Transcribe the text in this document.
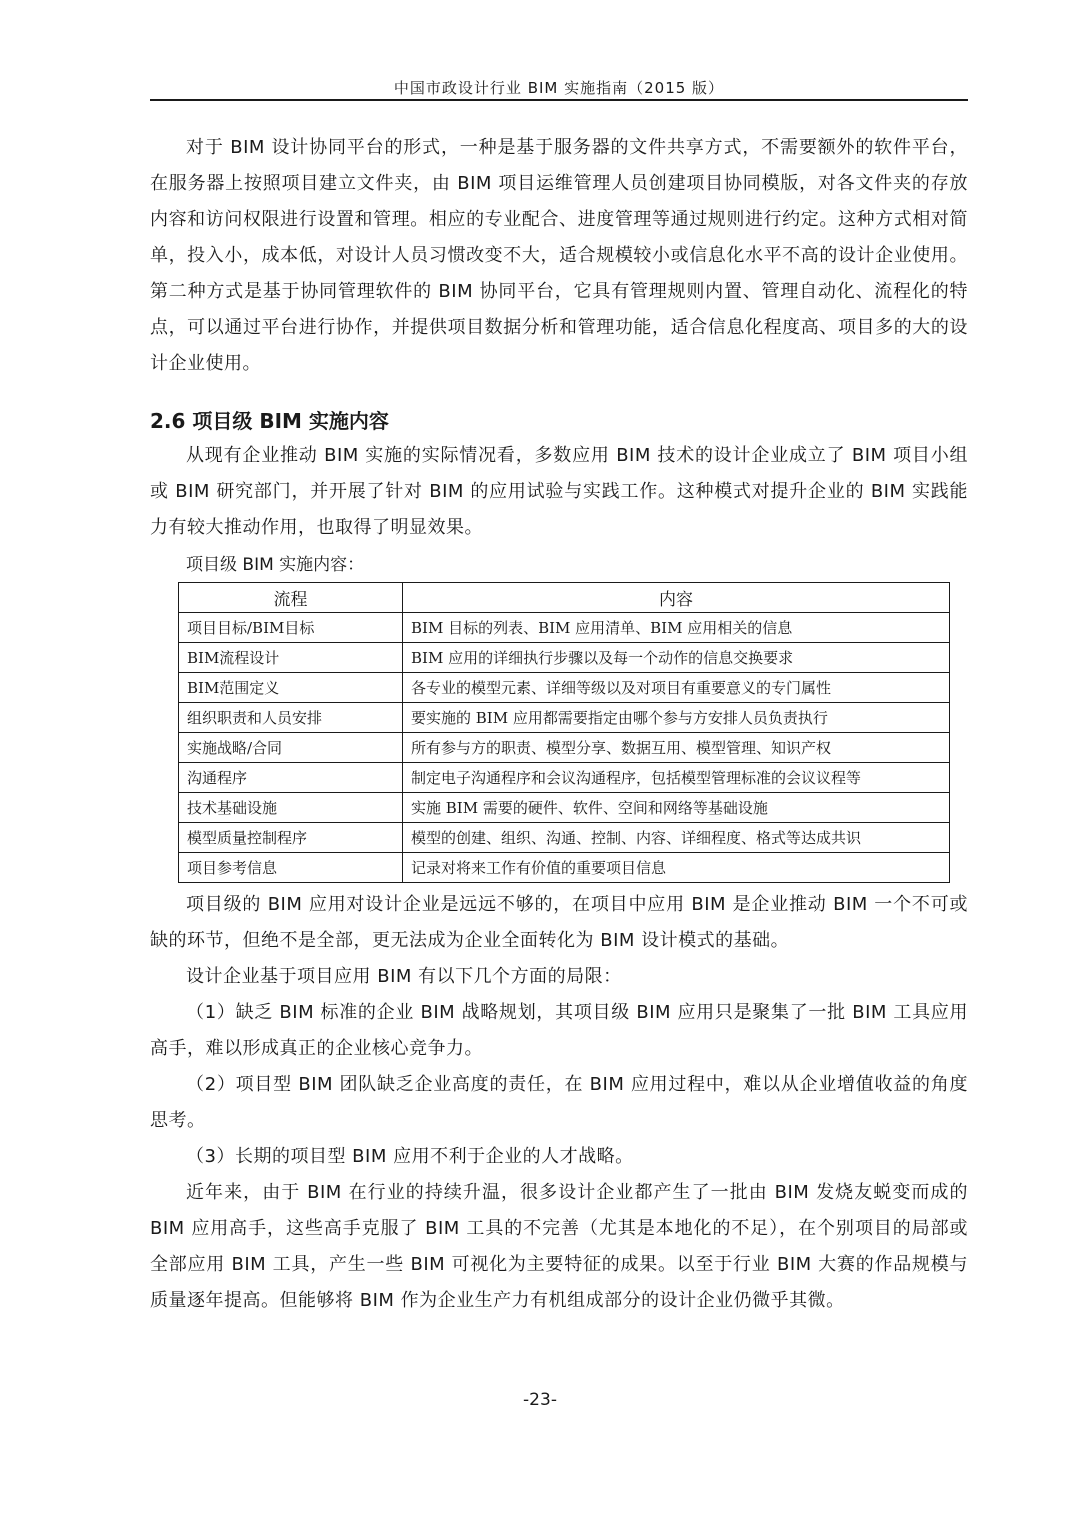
中国市政设计行业 BIM 实施指南（2015 版）

对于 BIM 设计协同平台的形式，一种是基于服务器的文件共享方式，不需要额外的软件平台，在服务器上按照项目建立文件夹，由 BIM 项目运维管理人员创建项目协同模版，对各文件夹的存放内容和访问权限进行设置和管理。相应的专业配合、进度管理等通过规则进行约定。这种方式相对简单，投入小，成本低，对设计人员习惯改变不大，适合规模较小或信息化水平不高的设计企业使用。第二种方式是基于协同管理软件的 BIM 协同平台，它具有管理规则内置、管理自动化、流程化的特点，可以通过平台进行协作，并提供项目数据分析和管理功能，适合信息化程度高、项目多的大的设计企业使用。

2.6 项目级 BIM 实施内容

从现有企业推动 BIM 实施的实际情况看，多数应用 BIM 技术的设计企业成立了 BIM 项目小组或 BIM 研究部门，并开展了针对 BIM 的应用试验与实践工作。这种模式对提升企业的 BIM 实践能力有较大推动作用，也取得了明显效果。

项目级 BIM 实施内容：

流程	内容
项目目标/BIM目标	BIM 目标的列表、BIM 应用清单、BIM 应用相关的信息
BIM流程设计	BIM 应用的详细执行步骤以及每一个动作的信息交换要求
BIM范围定义	各专业的模型元素、详细等级以及对项目有重要意义的专门属性
组织职责和人员安排	要实施的 BIM 应用都需要指定由哪个参与方安排人员负责执行
实施战略/合同	所有参与方的职责、模型分享、数据互用、模型管理、知识产权
沟通程序	制定电子沟通程序和会议沟通程序，包括模型管理标准的会议议程等
技术基础设施	实施 BIM 需要的硬件、软件、空间和网络等基础设施
模型质量控制程序	模型的创建、组织、沟通、控制、内容、详细程度、格式等达成共识
项目参考信息	记录对将来工作有价值的重要项目信息

项目级的 BIM 应用对设计企业是远远不够的，在项目中应用 BIM 是企业推动 BIM 一个不可或缺的环节，但绝不是全部，更无法成为企业全面转化为 BIM 设计模式的基础。

设计企业基于项目应用 BIM 有以下几个方面的局限：

（1）缺乏 BIM 标准的企业 BIM 战略规划，其项目级 BIM 应用只是聚集了一批 BIM 工具应用高手，难以形成真正的企业核心竞争力。

（2）项目型 BIM 团队缺乏企业高度的责任，在 BIM 应用过程中，难以从企业增值收益的角度思考。

（3）长期的项目型 BIM 应用不利于企业的人才战略。

近年来，由于 BIM 在行业的持续升温，很多设计企业都产生了一批由 BIM 发烧友蜕变而成的 BIM 应用高手，这些高手克服了 BIM 工具的不完善（尤其是本地化的不足），在个别项目的局部或全部应用 BIM 工具，产生一些 BIM 可视化为主要特征的成果。以至于行业 BIM 大赛的作品规模与质量逐年提高。但能够将 BIM 作为企业生产力有机组成部分的设计企业仍微乎其微。

-23-
